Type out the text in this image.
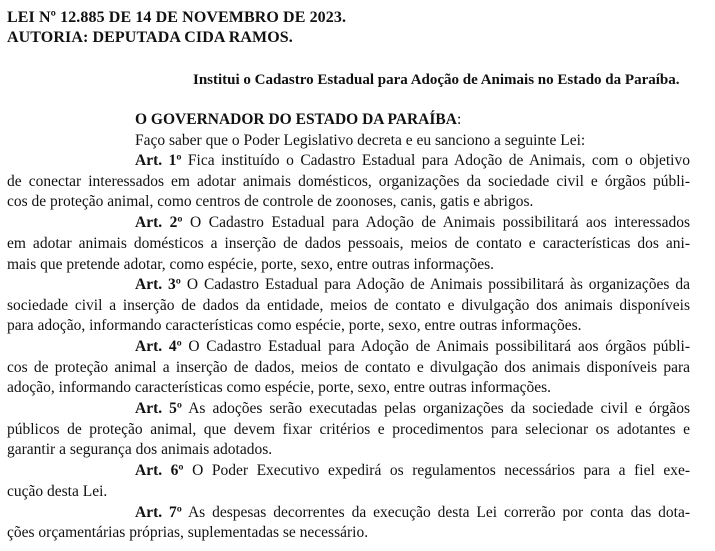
LEI Nº 12.885 DE 14 DE NOVEMBRO DE 2023.
AUTORIA: DEPUTADA CIDA RAMOS.
Institui o Cadastro Estadual para Adoção de Animais no Estado da Paraíba.
O GOVERNADOR DO ESTADO DA PARAÍBA:
Faço saber que o Poder Legislativo decreta e eu sanciono a seguinte Lei:
Art. 1º Fica instituído o Cadastro Estadual para Adoção de Animais, com o objetivo
de conectar interessados em adotar animais domésticos, organizações da sociedade civil e órgãos públi-
cos de proteção animal, como centros de controle de zoonoses, canis, gatis e abrigos.
Art. 2º O Cadastro Estadual para Adoção de Animais possibilitará aos interessados
em adotar animais domésticos a inserção de dados pessoais, meios de contato e características dos ani-
mais que pretende adotar, como espécie, porte, sexo, entre outras informações.
Art. 3º O Cadastro Estadual para Adoção de Animais possibilitará às organizações da
sociedade civil a inserção de dados da entidade, meios de contato e divulgação dos animais disponíveis
para adoção, informando características como espécie, porte, sexo, entre outras informações.
Art. 4º O Cadastro Estadual para Adoção de Animais possibilitará aos órgãos públi-
cos de proteção animal a inserção de dados, meios de contato e divulgação dos animais disponíveis para
adoção, informando características como espécie, porte, sexo, entre outras informações.
Art. 5º As adoções serão executadas pelas organizações da sociedade civil e órgãos
públicos de proteção animal, que devem fixar critérios e procedimentos para selecionar os adotantes e
garantir a segurança dos animais adotados.
Art. 6º O Poder Executivo expedirá os regulamentos necessários para a fiel exe-
cução desta Lei.
Art. 7º As despesas decorrentes da execução desta Lei correrão por conta das dota-
ções orçamentárias próprias, suplementadas se necessário.
